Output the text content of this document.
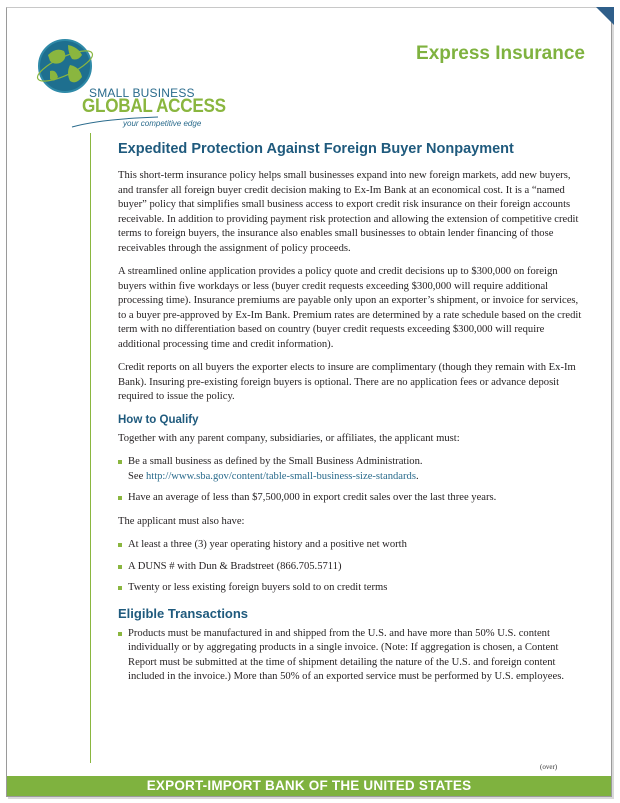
SMALL BUSINESS
GLOBAL ACCESS
your competitive edge
Express Insurance
Expedited Protection Against Foreign Buyer Nonpayment

This short-term insurance policy helps small businesses expand into new foreign markets, add new buyers, and transfer all foreign buyer credit decision making to Ex-Im Bank at an economical cost. It is a “named buyer” policy that simplifies small business access to export credit risk insurance on their foreign accounts receivable. In addition to providing payment risk protection and allowing the extension of competitive credit terms to foreign buyers, the insurance also enables small businesses to obtain lender financing of those receivables through the assignment of policy proceeds.

A streamlined online application provides a policy quote and credit decisions up to $300,000 on foreign buyers within five workdays or less (buyer credit requests exceeding $300,000 will require additional processing time). Insurance premiums are payable only upon an exporter’s shipment, or invoice for services, to a buyer pre-approved by Ex-Im Bank. Premium rates are determined by a rate schedule based on the credit term with no differentiation based on country (buyer credit requests exceeding $300,000 will require additional processing time and credit information).

Credit reports on all buyers the exporter elects to insure are complimentary (though they remain with Ex-Im Bank). Insuring pre-existing foreign buyers is optional. There are no application fees or advance deposit required to issue the policy.

How to Qualify

Together with any parent company, subsidiaries, or affiliates, the applicant must:

Be a small business as defined by the Small Business Administration.
See http://www.sba.gov/content/table-small-business-size-standards.
Have an average of less than $7,500,000 in export credit sales over the last three years.

The applicant must also have:

At least a three (3) year operating history and a positive net worth
A DUNS # with Dun & Bradstreet (866.705.5711)
Twenty or less existing foreign buyers sold to on credit terms
Eligible Transactions
Products must be manufactured in and shipped from the U.S. and have more than 50% U.S. content individually or by aggregating products in a single invoice. (Note: If aggregation is chosen, a Content Report must be submitted at the time of shipment detailing the nature of the U.S. and foreign content included in the invoice.) More than 50% of an exported service must be performed by U.S. employees.
(over)
EXPORT-IMPORT BANK OF THE UNITED STATES
